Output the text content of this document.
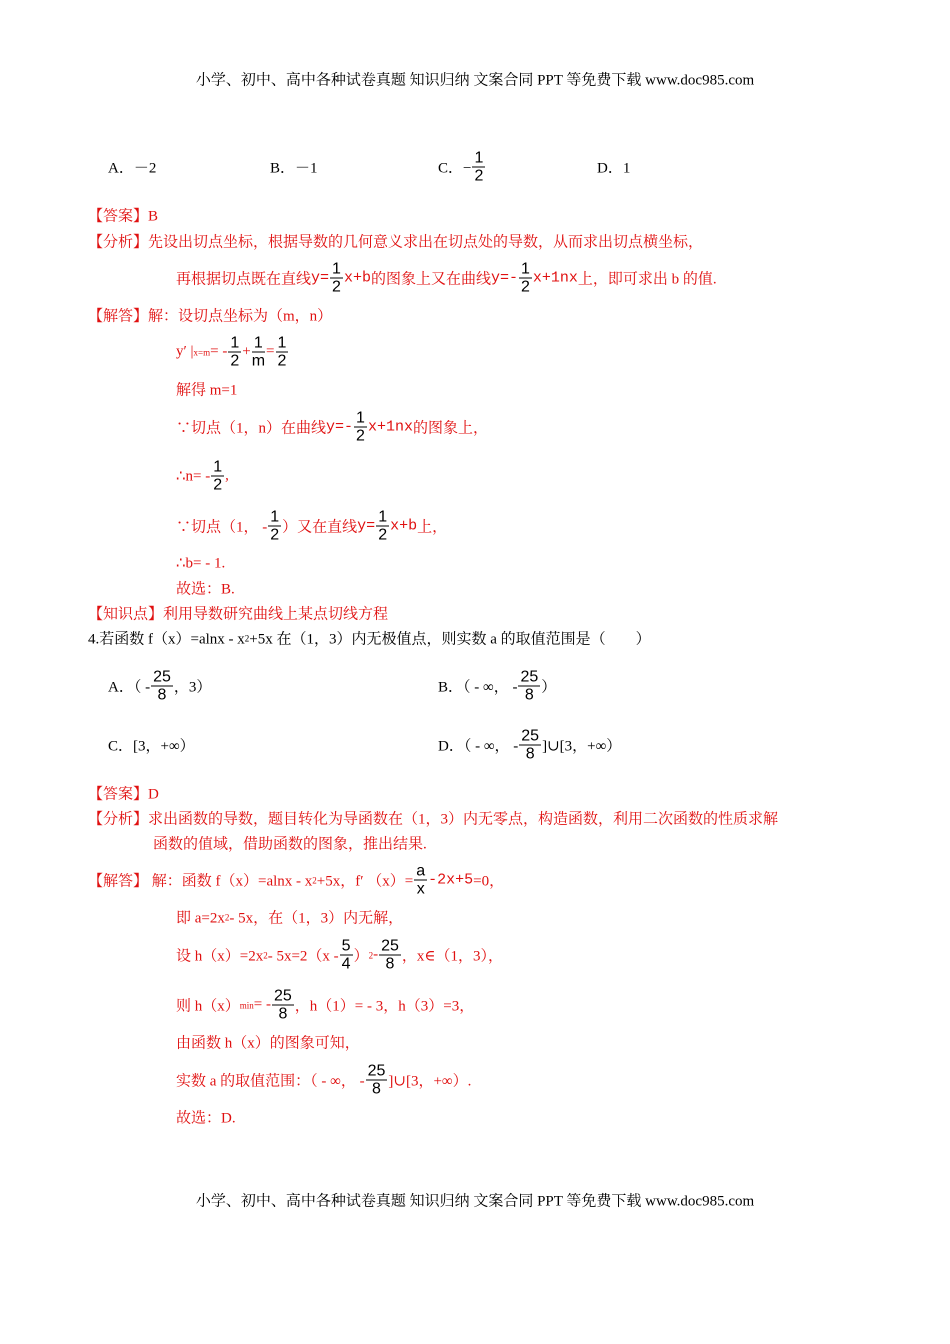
小学、初中、高中各种试卷真题 知识归纳 文案合同 PPT 等免费下载 www.doc985.com
A．－2	B．－1	C．− $\frac{1}{2}$	D．1
【答案】B
【分析】先设出切点坐标，根据导数的几何意义求出在切点处的导数，从而求出切点横坐标，
再根据切点既在直线 $y= \frac{1}{2} x+b$ 的图象上又在曲线 $y=- \frac{1}{2} x+1nx$ 上，即可求出 b 的值.
【解答】解：设切点坐标为（m，n）
y′ | x=m = - $\frac{1}{2} + \frac{1}{m} = \frac{1}{2}$
解得 m=1
∵切点（1，n）在曲线 $y=- \frac{1}{2} x+1nx$ 的图象上，
∴n= - $\frac{1}{2}$ ,
∵切点（1， - $\frac{1}{2}$ ）又在直线 $y= \frac{1}{2} x+b$ 上，
∴b= - 1.
故选：B.
【知识点】利用导数研究曲线上某点切线方程
4.若函数 f（x）=alnx - x 2 +5x 在（1，3）内无极值点，则实数 a 的取值范围是（　　）
A．（ - $\frac{25}{8}$ ，3）	B．（ - ∞， - $\frac{25}{8}$ ）
C．[3，+∞）	D．（ - ∞， - $\frac{25}{8}$ ]∪[3，+∞）
【答案】D
【分析】求出函数的导数，题目转化为导函数在（1，3）内无零点，构造函数，利用二次函数的性质求解
函数的值域，借助函数的图象，推出结果.
【解答】 解：函数 f（x）=alnx - x 2 +5x，f′ $(x)= \frac{a}{x} -2x+5 =0$，
即 a=2x 2 - 5x，在（1，3）内无解，
设 h（x）=2x $2 - 5x=2(x - \frac{5}{4}$ ） $2 - \frac{25}{8}$ ，x∈（1，3），
则 h（x） min = - $\frac{25}{8}$ ，h（1）= - 3，h（3）=3，
由函数 h（x）的图象可知，
实数 a 的取值范围：（ - ∞， - $\frac{25}{8}$ ]∪[3，+∞）.
故选：D.
小学、初中、高中各种试卷真题 知识归纳 文案合同 PPT 等免费下载 www.doc985.com
